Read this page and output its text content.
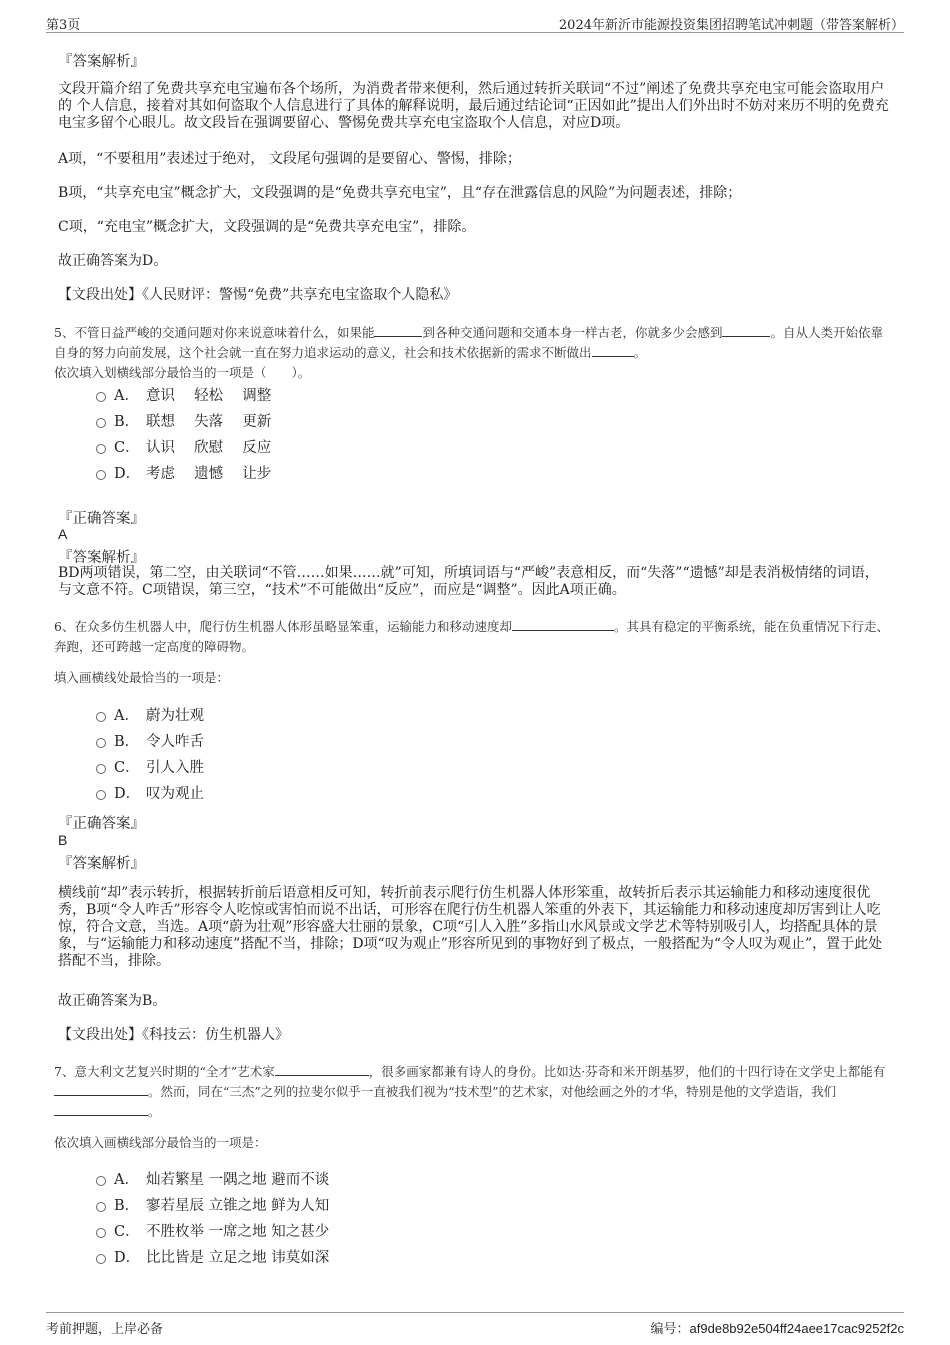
第3页	2024年新沂市能源投资集团招聘笔试冲刺题（带答案解析）
『答案解析』
文段开篇介绍了免费共享充电宝遍布各个场所，为消费者带来便利，然后通过转折关联词“不过”阐述了免费共享充电宝可能会盗取用户 的 个人信息，接着对其如何盗取个人信息进行了具体的解释说明，最后通过结论词“正因如此”提出人们外出时不妨对来历不明的免费充电宝多留个心眼儿。故文段旨在强调要留心、警惕免费共享充电宝盗取个人信息，对应D项。
A项，“不要租用”表述过于绝对， 文段尾句强调的是要留心、警惕，排除；
B项，“共享充电宝”概念扩大，文段强调的是“免费共享充电宝”，且“存在泄露信息的风险”为问题表述，排除；
C项，“充电宝”概念扩大，文段强调的是“免费共享充电宝”，排除。
故正确答案为D。
【文段出处】《人民财评：警惕“免费”共享充电宝盗取个人隐私》
5、不管日益严峻的交通问题对你来说意味着什么，如果能	到各种交通问题和交通本身一样古老，你就多少会感到	。自从人类开始依靠自身的努力向前发展，这个社会就一直在努力追求运动的意义，社会和技术依据新的需求不断做出	。
依次填入划横线部分最恰当的一项是（　　）。
A． 意识　 轻松　 调整
B． 联想　 失落　 更新
C． 认识　 欣慰　 反应
D． 考虑　 遗憾　 让步
『正确答案』
A
『答案解析』
BD两项错误，第二空，由关联词“不管……如果……就”可知，所填词语与“严峻”表意相反，而“失落”“遗憾”却是表消极情绪的词语，与文意不符。C项错误，第三空，“技术”不可能做出“反应”，而应是“调整”。因此A项正确。
6、在众多仿生机器人中，爬行仿生机器人体形虽略显笨重，运输能力和移动速度却	。其具有稳定的平衡系统，能在负重情况下行走、奔跑，还可跨越一定高度的障碍物。
填入画横线处最恰当的一项是：
A． 蔚为壮观
B． 令人咋舌
C． 引人入胜
D． 叹为观止
『正确答案』
B
『答案解析』
横线前“却”表示转折，根据转折前后语意相反可知，转折前表示爬行仿生机器人体形笨重，故转折后表示其运输能力和移动速度很优秀，B项“令人咋舌”形容令人吃惊或害怕而说不出话，可形容在爬行仿生机器人笨重的外表下，其运输能力和移动速度却厉害到让人吃惊，符合文意，当选。A项“蔚为壮观”形容盛大壮丽的景象，C项“引人入胜”多指山水风景或文学艺术等特别吸引人，均搭配具体的景象，与“运输能力和移动速度”搭配不当，排除；D项“叹为观止”形容所见到的事物好到了极点，一般搭配为“令人叹为观止”，置于此处搭配不当，排除。
故正确答案为B。
【文段出处】《科技云：仿生机器人》
7、意大利文艺复兴时期的“全才”艺术家	，很多画家都兼有诗人的身份。比如达·芬奇和米开朗基罗，他们的十四行诗在文学史上都能有。然而，同在“三杰”之列的拉斐尔似乎一直被我们视为“技术型”的艺术家，对他绘画之外的才华，特别是他的文学造诣，我们。
依次填入画横线部分最恰当的一项是：
A． 灿若繁星 一隅之地 避而不谈
B． 寥若星辰 立锥之地 鲜为人知
C． 不胜枚举 一席之地 知之甚少
D． 比比皆是 立足之地 讳莫如深
考前押题，上岸必备	编号：af9de8b92e504ff24aee17cac9252f2c
